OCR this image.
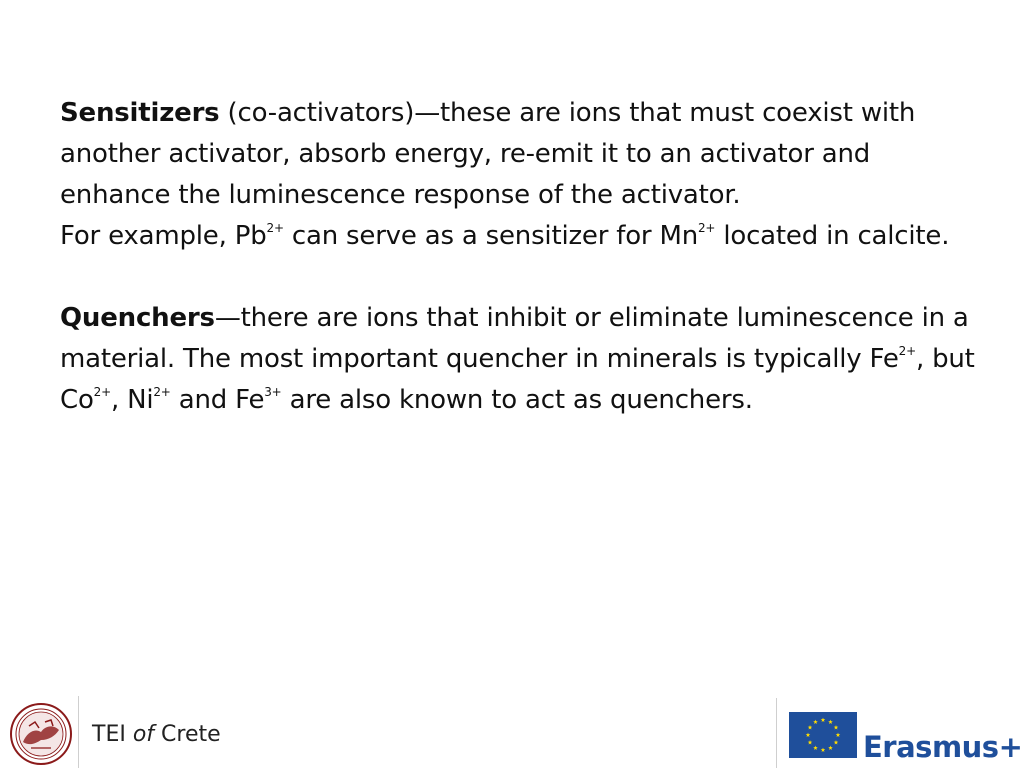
Sensitizers (co-activators)—these are ions that must coexist with another activator, absorb energy, re-emit it to an activator and enhance the luminescence response of the activator.
For example, $Pb^{2+}$ can serve as a sensitizer for $Mn^{2+}$ located in calcite.

Quenchers—there are ions that inhibit or eliminate luminescence in a material. The most important quencher in minerals is typically $Fe^{2+}$, but $Co^{2+}$, $Ni^{2+}$ and $Fe^{3+}$ are also known to act as quenchers.

TEI of Crete	Erasmus+
